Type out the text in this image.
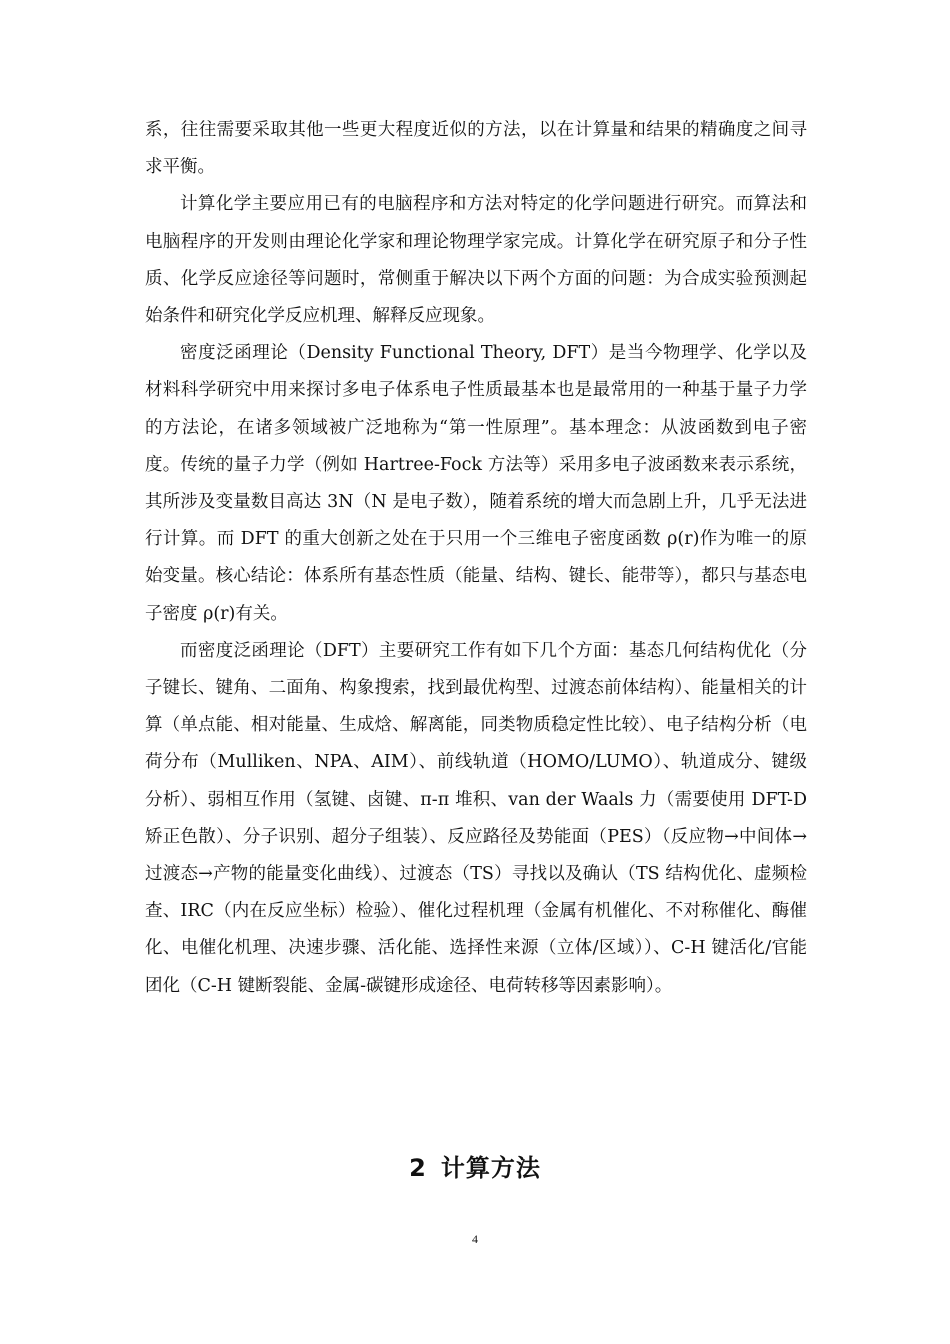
系，往往需要采取其他一些更大程度近似的方法，以在计算量和结果的精确度之间寻求平衡。

计算化学主要应用已有的电脑程序和方法对特定的化学问题进行研究。而算法和电脑程序的开发则由理论化学家和理论物理学家完成。计算化学在研究原子和分子性质、化学反应途径等问题时，常侧重于解决以下两个方面的问题：为合成实验预测起始条件和研究化学反应机理、解释反应现象。

密度泛函理论（Density Functional Theory, DFT）是当今物理学、化学以及材料科学研究中用来探讨多电子体系电子性质最基本也是最常用的一种基于量子力学的方法论，在诸多领域被广泛地称为“第一性原理”。基本理念：从波函数到电子密度。传统的量子力学（例如 Hartree-Fock 方法等）采用多电子波函数来表示系统，其所涉及变量数目高达 3N（N 是电子数），随着系统的增大而急剧上升，几乎无法进行计算。而 DFT 的重大创新之处在于只用一个三维电子密度函数 ρ(r)作为唯一的原始变量。核心结论：体系所有基态性质（能量、结构、键长、能带等），都只与基态电子密度 ρ(r)有关。

而密度泛函理论（DFT）主要研究工作有如下几个方面：基态几何结构优化（分子键长、键角、二面角、构象搜索，找到最优构型、过渡态前体结构）、能量相关的计算（单点能、相对能量、生成焓、解离能，同类物质稳定性比较）、电子结构分析（电荷分布（Mulliken、NPA、AIM）、前线轨道（HOMO/LUMO）、轨道成分、键级分析）、弱相互作用（氢键、卤键、π-π 堆积、van der Waals 力（需要使用 DFT-D 矫正色散）、分子识别、超分子组装）、反应路径及势能面（PES）（反应物→中间体→过渡态→产物的能量变化曲线）、过渡态（TS）寻找以及确认（TS 结构优化、虚频检查、IRC（内在反应坐标）检验）、催化过程机理（金属有机催化、不对称催化、酶催化、电催化机理、决速步骤、活化能、选择性来源（立体/区域））、C-H 键活化/官能团化（C-H 键断裂能、金属-碳键形成途径、电荷转移等因素影响）。

2 计算方法
4
